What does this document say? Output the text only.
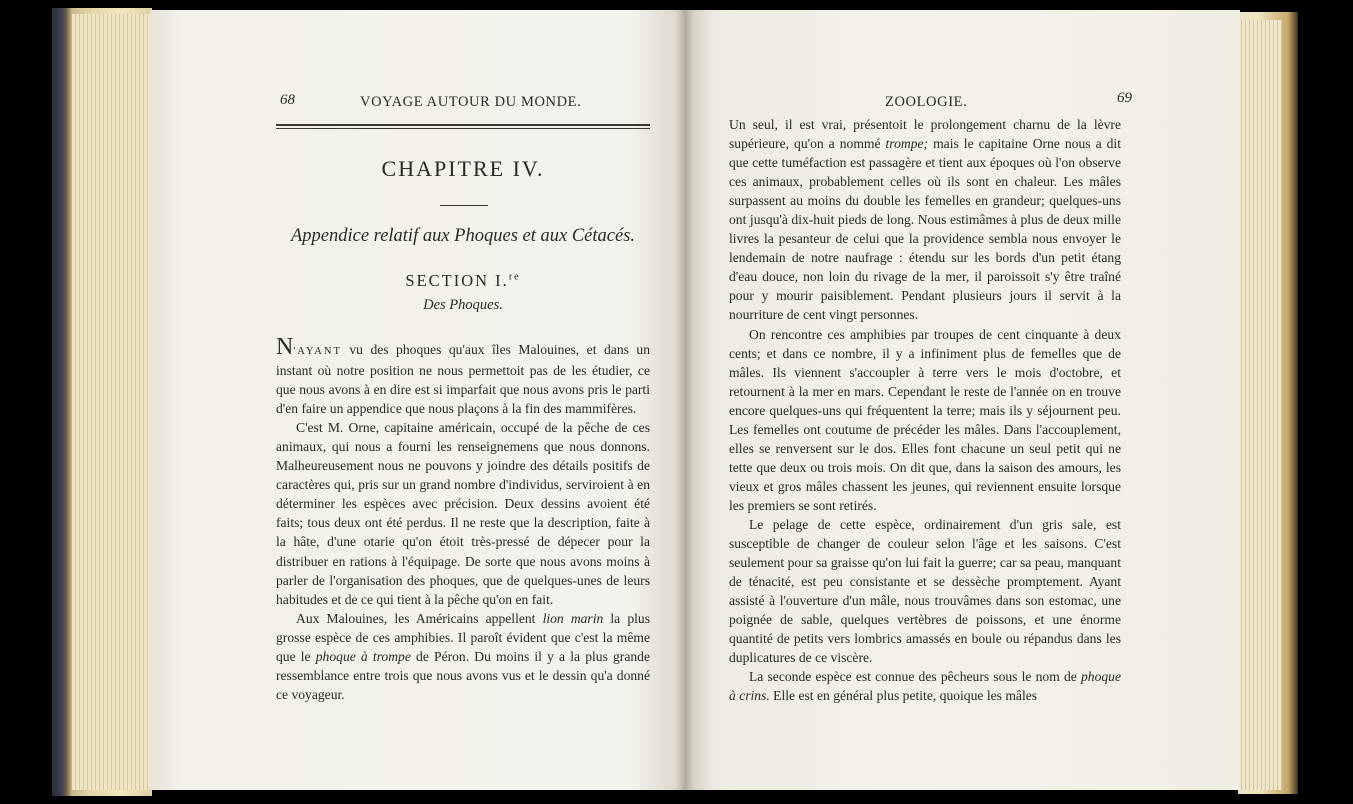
68	VOYAGE AUTOUR DU MONDE.
CHAPITRE IV.
Appendice relatif aux Phoques et aux Cétacés.
SECTION I.$^{re}$
Des Phoques.

N'AYANT vu des phoques qu'aux îles Malouines, et dans un instant où notre position ne nous permettoit pas de les étudier, ce que nous avons à en dire est si imparfait que nous avons pris le parti d'en faire un appendice que nous plaçons à la fin des mammifères.

C'est M. Orne, capitaine américain, occupé de la pêche de ces animaux, qui nous a fourni les renseignemens que nous donnons. Malheureusement nous ne pouvons y joindre des détails positifs de caractères qui, pris sur un grand nombre d'individus, serviroient à en déterminer les espèces avec précision. Deux dessins avoient été faits; tous deux ont été perdus. Il ne reste que la description, faite à la hâte, d'une otarie qu'on étoit très-pressé de dépecer pour la distribuer en rations à l'équipage. De sorte que nous avons moins à parler de l'organisation des phoques, que de quelques-unes de leurs habitudes et de ce qui tient à la pêche qu'on en fait.

Aux Malouines, les Américains appellent lion marin la plus grosse espèce de ces amphibies. Il paroît évident que c'est la même que le phoque à trompe de Péron. Du moins il y a la plus grande ressemblance entre trois que nous avons vus et le dessin qu'a donné ce voyageur.

ZOOLOGIE.	69

Un seul, il est vrai, présentoit le prolongement charnu de la lèvre supérieure, qu'on a nommé trompe; mais le capitaine Orne nous a dit que cette tuméfaction est passagère et tient aux époques où l'on observe ces animaux, probablement celles où ils sont en chaleur. Les mâles surpassent au moins du double les femelles en grandeur; quelques-uns ont jusqu'à dix-huit pieds de long. Nous estimâmes à plus de deux mille livres la pesanteur de celui que la providence sembla nous envoyer le lendemain de notre naufrage : étendu sur les bords d'un petit étang d'eau douce, non loin du rivage de la mer, il paroissoit s'y être traîné pour y mourir paisiblement. Pendant plusieurs jours il servit à la nourriture de cent vingt personnes.

On rencontre ces amphibies par troupes de cent cinquante à deux cents; et dans ce nombre, il y a infiniment plus de femelles que de mâles. Ils viennent s'accoupler à terre vers le mois d'octobre, et retournent à la mer en mars. Cependant le reste de l'année on en trouve encore quelques-uns qui fréquentent la terre; mais ils y séjournent peu. Les femelles ont coutume de précéder les mâles. Dans l'accouplement, elles se renversent sur le dos. Elles font chacune un seul petit qui ne tette que deux ou trois mois. On dit que, dans la saison des amours, les vieux et gros mâles chassent les jeunes, qui reviennent ensuite lorsque les premiers se sont retirés.

Le pelage de cette espèce, ordinairement d'un gris sale, est susceptible de changer de couleur selon l'âge et les saisons. C'est seulement pour sa graisse qu'on lui fait la guerre; car sa peau, manquant de ténacité, est peu consistante et se dessèche promptement. Ayant assisté à l'ouverture d'un mâle, nous trouvâmes dans son estomac, une poignée de sable, quelques vertèbres de poissons, et une énorme quantité de petits vers lombrics amassés en boule ou répandus dans les duplicatures de ce viscère.

La seconde espèce est connue des pêcheurs sous le nom de phoque à crins. Elle est en général plus petite, quoique les mâles
